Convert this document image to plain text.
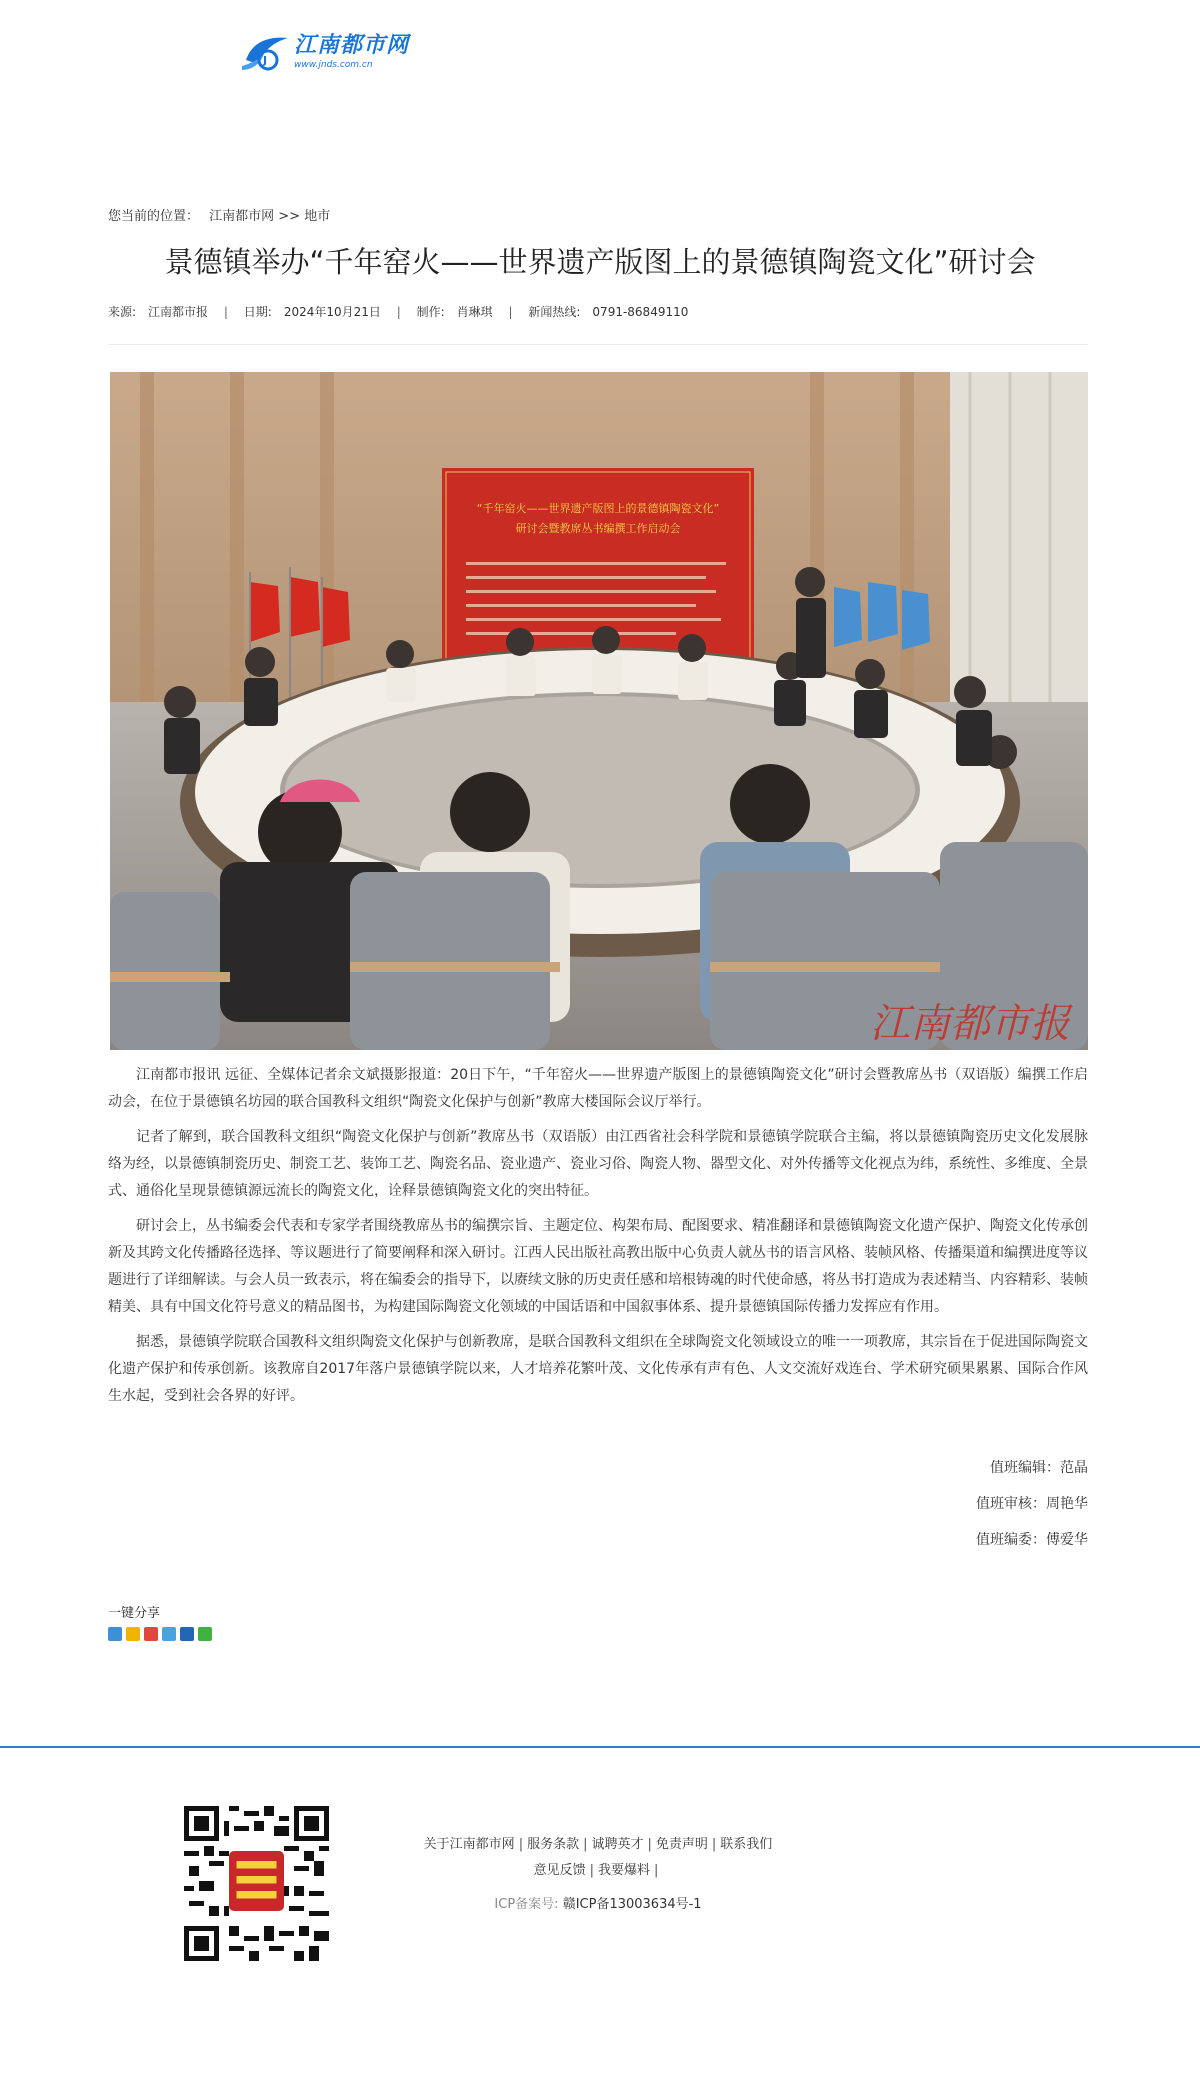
J
江南都市网
www.jnds.com.cn
您当前的位置： 江南都市网 >> 地市
景德镇举办“千年窑火——世界遗产版图上的景德镇陶瓷文化”研讨会
来源: 江南都市报 | 日期: 2024年10月21日 | 制作: 肖琳琪 | 新闻热线: 0791-86849110
“千年窑火——世界遗产版图上的景德镇陶瓷文化”
研讨会暨教席丛书编撰工作启动会
江南都市报

江南都市报讯 远征、全媒体记者余文斌摄影报道：20日下午，“千年窑火——世界遗产版图上的景德镇陶瓷文化”研讨会暨教席丛书（双语版）编撰工作启动会，在位于景德镇名坊园的联合国教科文组织“陶瓷文化保护与创新”教席大楼国际会议厅举行。

记者了解到，联合国教科文组织“陶瓷文化保护与创新”教席丛书（双语版）由江西省社会科学院和景德镇学院联合主编，将以景德镇陶瓷历史文化发展脉络为经，以景德镇制瓷历史、制瓷工艺、装饰工艺、陶瓷名品、瓷业遗产、瓷业习俗、陶瓷人物、器型文化、对外传播等文化视点为纬，系统性、多维度、全景式、通俗化呈现景德镇源远流长的陶瓷文化，诠释景德镇陶瓷文化的突出特征。

研讨会上，丛书编委会代表和专家学者围绕教席丛书的编撰宗旨、主题定位、构架布局、配图要求、精准翻译和景德镇陶瓷文化遗产保护、陶瓷文化传承创新及其跨文化传播路径选择、等议题进行了简要阐释和深入研讨。江西人民出版社高教出版中心负责人就丛书的语言风格、装帧风格、传播渠道和编撰进度等议题进行了详细解读。与会人员一致表示，将在编委会的指导下，以赓续文脉的历史责任感和培根铸魂的时代使命感，将丛书打造成为表述精当、内容精彩、装帧精美、具有中国文化符号意义的精品图书，为构建国际陶瓷文化领域的中国话语和中国叙事体系、提升景德镇国际传播力发挥应有作用。

据悉，景德镇学院联合国教科文组织陶瓷文化保护与创新教席，是联合国教科文组织在全球陶瓷文化领域设立的唯一一项教席，其宗旨在于促进国际陶瓷文化遗产保护和传承创新。该教席自2017年落户景德镇学院以来，人才培养花繁叶茂、文化传承有声有色、人文交流好戏连台、学术研究硕果累累、国际合作风生水起，受到社会各界的好评。

值班编辑：范晶
值班审核：周艳华
值班编委：傅爱华
一键分享
关于江南都市网 | 服务条款 | 诚聘英才 | 免责声明 | 联系我们
意见反馈 | 我要爆料 |
ICP备案号: 赣ICP备13003634号-1
